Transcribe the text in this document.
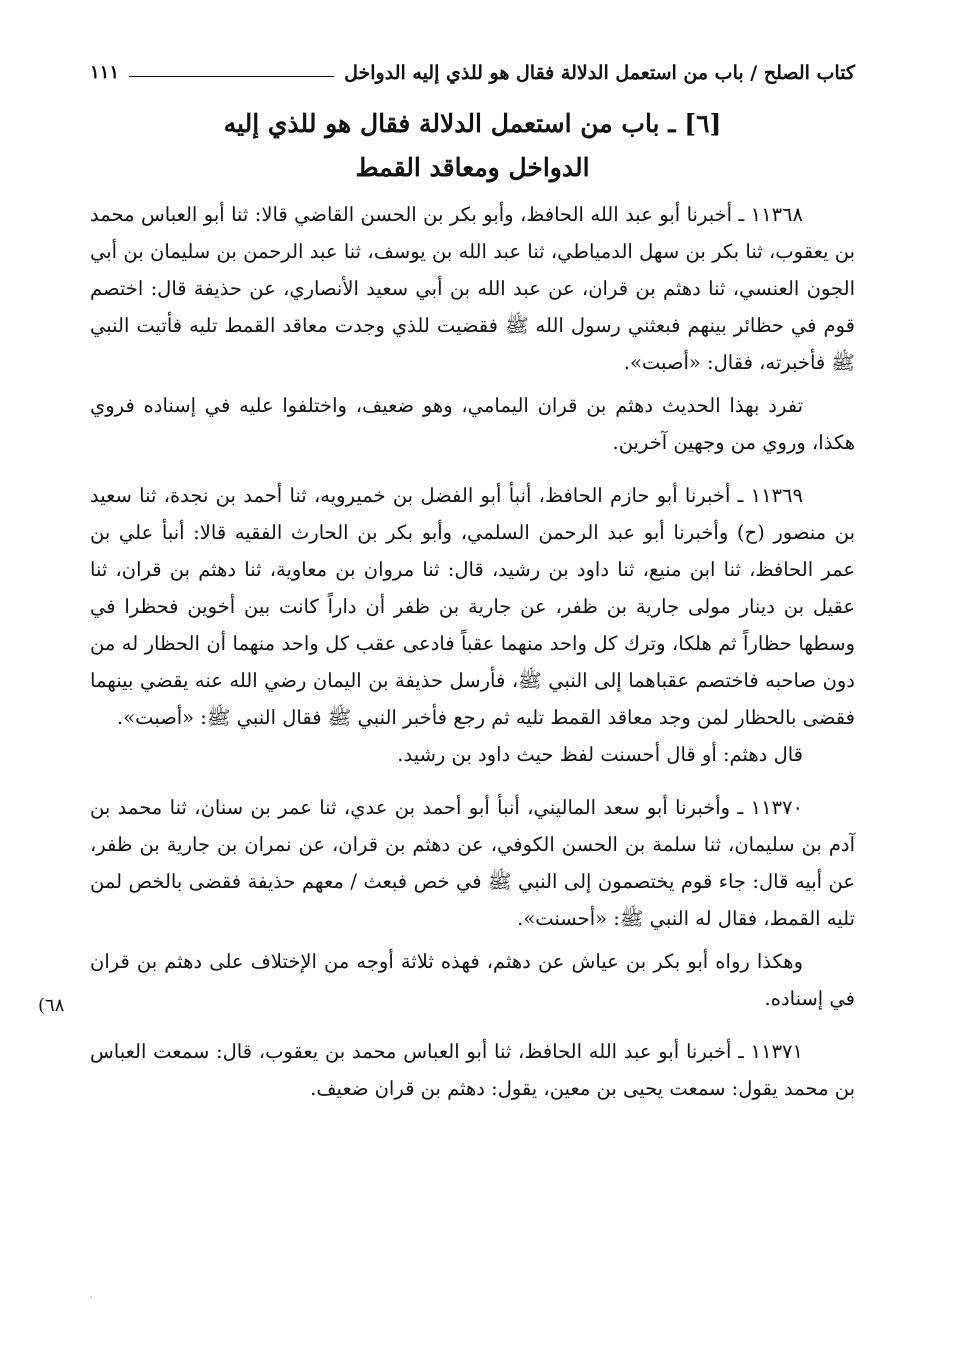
كتاب الصلح / باب من استعمل الدلالة فقال هو للذي إليه الدواخل
١١١
[٦] ـ باب من استعمل الدلالة فقال هو للذي إليه
الدواخل ومعاقد القمط

١١٣٦٨ ـ أخبرنا أبو عبد الله الحافظ، وأبو بكر بن الحسن القاضي قالا: ثنا أبو العباس محمد بن يعقوب، ثنا بكر بن سهل الدمياطي، ثنا عبد الله بن يوسف، ثنا عبد الرحمن بن سليمان بن أبي الجون العنسي، ثنا دهثم بن قران، عن عبد الله بن أبي سعيد الأنصاري، عن حذيفة قال: اختصم قوم في حظائر بينهم فبعثني رسول الله ﷺ فقضيت للذي وجدت معاقد القمط تليه فأتيت النبي ﷺ فأخبرته، فقال: «أصبت».

تفرد بهذا الحديث دهثم بن قران اليمامي، وهو ضعيف، واختلفوا عليه في إسناده فروي هكذا، وروي من وجهين آخرين.

١١٣٦٩ ـ أخبرنا أبو حازم الحافظ، أنبأ أبو الفضل بن خميرويه، ثنا أحمد بن نجدة، ثنا سعيد بن منصور (ح) وأخبرنا أبو عبد الرحمن السلمي، وأبو بكر بن الحارث الفقيه قالا: أنبأ علي بن عمر الحافظ، ثنا ابن منيع، ثنا داود بن رشيد، قال: ثنا مروان بن معاوية، ثنا دهثم بن قران، ثنا عقيل بن دينار مولى جارية بن ظفر، عن جارية بن ظفر أن داراً كانت بين أخوين فحظرا في وسطها حظاراً ثم هلكا، وترك كل واحد منهما عقباً فادعى عقب كل واحد منهما أن الحظار له من دون صاحبه فاختصم عقباهما إلى النبي ﷺ، فأرسل حذيفة بن اليمان رضي الله عنه يقضي بينهما فقضى بالحظار لمن وجد معاقد القمط تليه ثم رجع فأخبر النبي ﷺ فقال النبي ﷺ: «أصبت».

قال دهثم: أو قال أحسنت لفظ حيث داود بن رشيد.

١١٣٧٠ ـ وأخبرنا أبو سعد الماليني، أنبأ أبو أحمد بن عدي، ثنا عمر بن سنان، ثنا محمد بن آدم بن سليمان، ثنا سلمة بن الحسن الكوفي، عن دهثم بن قران، عن نمران بن جارية بن ظفر، عن أبيه قال: جاء قوم يختصمون إلى النبي ﷺ في خص فبعث / معهم حذيفة فقضى بالخص لمن تليه القمط، فقال له النبي ﷺ: «أحسنت».

وهكذا رواه أبو بكر بن عياش عن دهثم، فهذه ثلاثة أوجه من الإختلاف على دهثم بن قران في إسناده.

١١٣٧١ ـ أخبرنا أبو عبد الله الحافظ، ثنا أبو العباس محمد بن يعقوب، قال: سمعت العباس بن محمد يقول: سمعت يحيى بن معين، يقول: دهثم بن قران ضعيف.

٦٨)
